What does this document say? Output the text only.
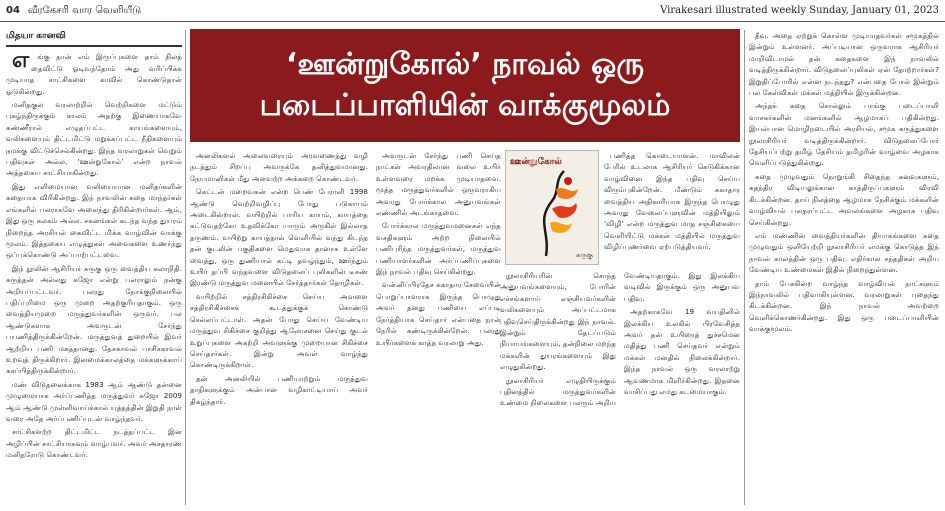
04 வீரகேசரி வார வெளியீடு	Virakesari illustrated weekly Sunday, January 01, 2023
மிதயா கானவி

எ ங்கு தான் எம் இருப்புகளை தாம் நிலத் தைவிட்டு ஓடிவந்தோம் அது வரிப்பிக்க முடியாத சாட்சிகளை காவில் கொண்டுதான் ஓடுகின்றது.

மனிதகுல வரலாற்றில் வெற்றிகளை மட்டும் புகழ்ந்திருக்கும் காலம் அதற்கு இணையாகவே கண்ணீரால் எழுதப்பட்ட காயங்களையும், வலிகளையும் திட்டமிட்டு மறுக்கப்பட்ட நீதிகளையும் நமக்கு விட்டுச்செல்கின்றது. இந்த வரலாறுகள் வெறும் பதிவுகள் அல்ல. ‘ஊன்றுகோல்’ என்ற நாவல் அத்தகைய சாட்சியாகின்றது.

இது எளிமையான வலியையான மனிதர்களின் கதையாக விரிகின்றது. இந் நாவலின் கதை மாந்தர்கள் எங்களில் பலராகவே அலைந்து திரிகின்றார்கள். ஆம், இது ஒரு கலகம் அல்ல. சகனங்கள் கடந்த வந்த துயரம் நிறைந்த அரசியல் கைவிட்ட மிக்க வாழ்வின் வாக்கு மூலம். இத்தகைய எழுத்துகள் அவைகளை உணர்ந்து ஒப்புக்கொண்டு அப்பாற்பட்டவை.

இந் நூலின் ஆசிரியர் கருகு ஒரு வைத்திய கலாநிதி. கருத்தன் அல்லது சுஜோ என்று பலராலும் நன்கு அறியப்பட்டவர். பலரது நோக்குநிலையில் பதிப்புரிமை ஒரு முறை அதற்குரியதாகும். ஒரு வைத்தியமுறை மருத்துவர்களின் ஒருவர். பல ஆண்டுகளாக அவருடன் சேர்ந்து பயணித்திருக்கின்றேன். மருத்துவத் துறையில் இவர் ஆற்றிய பணி மகத்தானது. தேசகாவல் பாசிசகாவல் உறவுத் திருக்கிறார். இனமைக்காலத்தை மக்களுக்காய் கசப்பித்திருக்கின்றார்.

மண் விடுதலைக்காக 1983 ஆம் ஆண்டு தன்னை முழுமையாக அர்ப்பணித்த மருத்துவர் சுஜோ 2009 ஆம் ஆண்டு முள்ளிவாய்க்கால் யுத்தத்தின் இறுதி நாள் வரை அதே அர்ப்பணிப்புடன் வாழ்ந்தவர்.

சாட்சிகளற்ற திட்டமிட்ட நடத்தப்பட்ட இன அழிப்பின் சாட்சியாகவும் வாழ்பவர். அவர் அசதாரண மனிதரோடு கொண்டவர்.

‘ஊன்றுகோல்’ நாவல் ஒரு
படைப்பாளியின் வாக்குமூலம்

அனலிகளல் அலைவரையும் அரவணைத்து வழி நடத்தும் சிறப்பு அவருக்கே தனித்துவமானது. நேயமானிகள் மீது அளவற்ற அக்கறை கொண்டவர்.

கெட்டன் மறைவகன் என்ற பெண் பேராளி 1998 ஆண்டு வெற்றிவழிப்பு போது படுகாயம் அடைகின்றாள். வயிற்றில் பாரிய காயம், காயத்தை கட்டுவதற்கோ உதவிக்கோ யாரும் அருகில் இல்லாத தருணம். வயிற்று காயத்தால் வெளியில் வந்து கிடந்த தன் குடலின் பகுதிகளை மெதுவாக தானாக உள்ளே வைத்து, ஒரு துணியால் கட்டி தவழ்ந்தும், ஊர்ந்தும் உயிர் தப்பி வந்தவளை விடுதலைப் புலிகளின் டீசண் இரண்டு மருத்துவ மனையில் சேர்த்தார்கள் தோழிகள்.

வயிற்றில் சத்திரசிகிச்சை செய்ய அவளை சத்திரசிகிச்சைக் கூடத்துக்குக் கொண்டு செல்லப்பட்டாள். அதன் போது செய்ய வேண்டிய மருத்துவ சிகிச்சை குறித்து ஆலோசனை செய்து குடல் உறுப்புகளை அகற்றி அவளுக்கு முறையான சிகிச்சை செய்தார்கள். இன்று அவள் வாழ்ந்து கொண்டிருக்கிறாள்.

தன் அனலியில் பணியாற்றும் மருத்துவ தாதிகளுக்கும் அன்பான வழிகாட்டியாய் அவர் திகழ்ந்தார்.

அவருடன் சேர்ந்து பணி செய்த நாட்கள் அவரதிலான வலை உயிர் உள்ளவரை மறக்க முடியாதவை. மூத்த மருத்துவர்களில் ஒருவராகிய அவரது போர்க்கால அனுபவங்கள் எண்ணில் அடங்காதவை.

போர்க்கால மருத்துவமனைகள் எந்த வசதிகளும் அற்ற நிலையில் பணிபுரிந்த மருத்துவர்கள், மருத்துவ பணியாளர்களின் அர்ப்பணிப்புகளை இந் நாவல் பதிவு செய்கின்றது.

வன்னிப்பிரதேச சுகாதார சேவையின் பொறுப்பாளராக இருந்த பொழுது அவர் தனது பணியை எப்படி நேர்த்தியாக செய்தார் என்பதை நான் நேரில் கண்டிருக்கின்றேன். பலரது உயிர்களைக் காத்த வரலாறு அது.

ஊன்றுகோல்
கருகு

பணித்த கொடையாளன். மாவிலன் பேரில் உடலாக ஆசிரியர் கெடுகிக்கான வாழ்வினை இந்த பதிவு செய்ய விரும்புகின்றேன். மீண்டும் சுகாதார வைத்திய அதிகாரியாக இருந்த பொழுது அவரது வேலைப்பளுவின் மத்தியிலும் ‘விழி’ என்ற மருத்துவ மாத சஞ்சிகையை வெளியிட்டு மக்கள் மத்தியில் மருத்துவ விழிப்புணர்வை ஏற்படுத்தியவர்.

நூலாசிரியரின் சொந்த அனுபவங்களையும், போரின் எச்சங்களாய் எஞ்சியவர்களின் வலிகளையும் அப்பட்டமாக பதிவுசெய்திருக்கின்றது இந் நாவல். இன்றும் தேடப்படும் நியாயங்களையும், தன்நிலை மறந்த மக்களின் துயரங்களையும் இது எழுதுகின்றது.

நூலாசிரியர் எழுதியிருக்கும் புதினத்தில் மருத்துவர்களின் உண்மை நிலைகளை பலரும் அறிய வேண்டியதாகும். இது இலக்கிய வடிவில் இருக்கும் ஒரு அனுபவ பதிவு.

அதற்காகவே 19 வயதினில் இலக்கிய உலகில் பிரவேசித்த அவர் தன் உயிரைத் துச்சமென மதித்து பணி செய்தவர் என்றும் மக்கள் மனதில் நிலைக்கின்றார். இந்த நாவல் ஒரு வரலாற்று ஆவணமாக மிளிர்கின்றது. இதனை வாசிப்பது எமது கடமையாகும்.

தீவு. அதை ஏற்றுக் கொள்ள முடியாதவர்கள் சமூகத்தில் இன்றும் உள்ளனர். அப்படியான ஒருவராக ஆசிரியர் மாறிவிடாமல் தன் கதைகளை இந் நாவலில் வடித்திருக்கின்றார். விடுதலைப்புலிகள் ஏன் தோற்றார்கள்? இறுதிப்போரில் என்ன நடந்தது? என்பதை போல் இன்றும் பல கேள்விகள் மக்கள் மத்தியில் இருக்கின்றன.

அந்தக் கதை சொல்லும் பாங்கு படைப்பாளி வாசகர்களின் மனங்களில் ஆழமாகப் பதிகின்றது. இயல்பான மொழிநடையில் அரசியல், சமூக கருத்துகளை நூலாசிரியர் வடித்திருக்கின்றார். விடுதலைப்போர் தேசியப்பற்று தமிழ் தேசியம் தமிழரின் வாழ்வை அழகாக வெளிப்படுத்துகின்றது.

கதை முழுவதும் நொறுங்கி சிதைந்த கனவுகளும், சுதந்திர விடியலுக்கான காத்திருப்புகளும் விரவி கிடக்கின்றன. தாய் நிலத்தை ஆழமாக நேசிக்கும் மக்களின் வாழ்வியல் பலதரப்பட்ட அவலங்களை அழகாக பதிவு செய்கின்றது.

எம் மண்ணின் வைத்தியர்களின் தியாகங்களை கதை முழுவதும் ஒளியேற்றி நூலாசிரியர் எமக்கு கொடுத்த இந் நாவல் காலத்தின் ஒரு பதிவு. எதிர்கால சந்ததிகள் அறிய வேண்டிய உண்மைகள் இதில் நிறைந்துள்ளன.

தாம் பேசுகின்ற வாழ்ந்த வாழ்வியல் நாட்களும் இந்நாவலில் பதிவாகியுள்ளன. வரலாறுகள் புதைந்து கிடக்கின்றன. இந் நாவல் அவற்றை வெளிக்கொணர்கின்றது. இது ஒரு படைப்பாளியின் வாக்குமூலம்.
